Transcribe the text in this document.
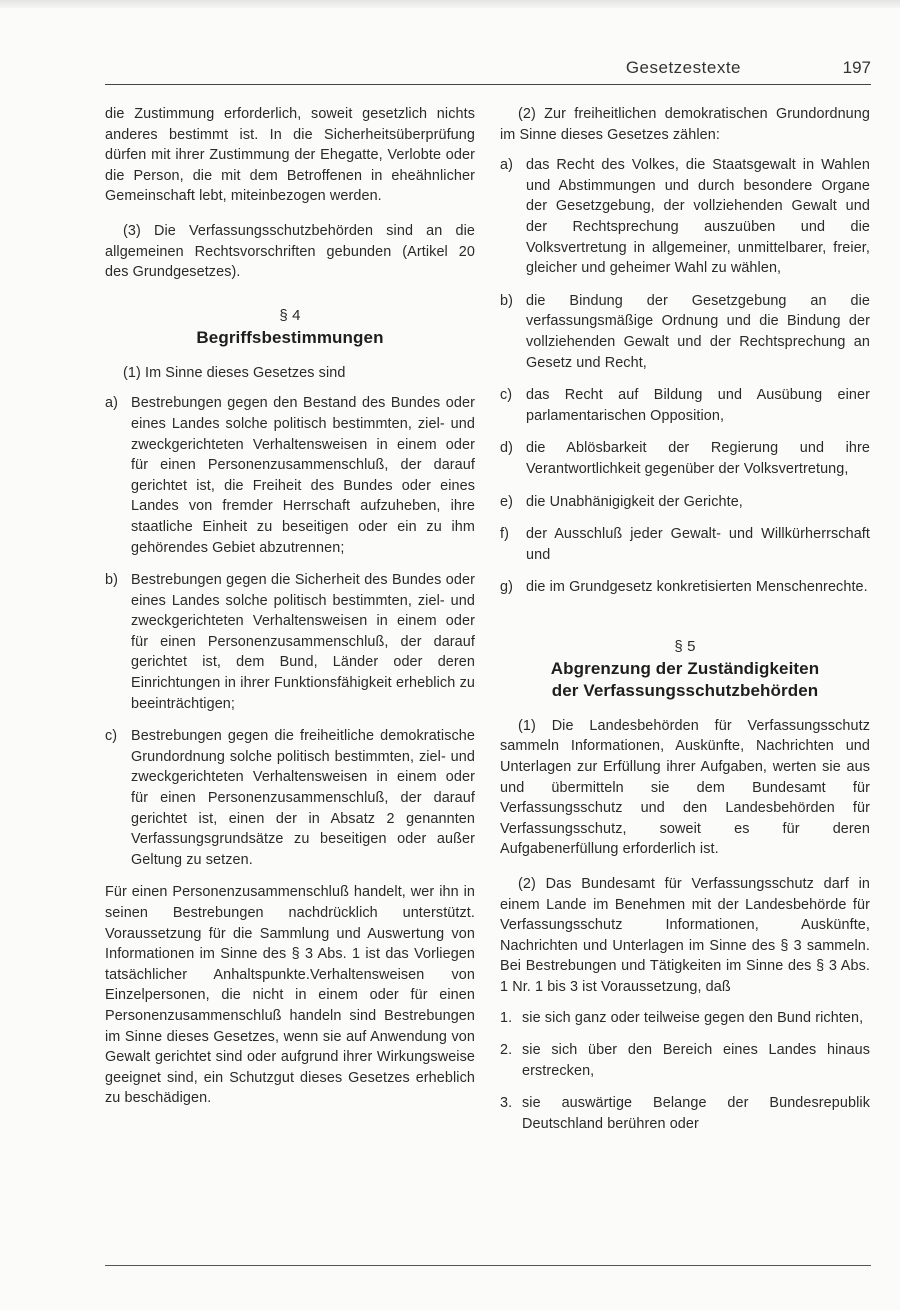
Gesetzestexte	197

die Zustimmung erforderlich, soweit gesetzlich nichts anderes bestimmt ist. In die Sicherheitsüberprüfung dürfen mit ihrer Zustimmung der Ehegatte, Verlobte oder die Person, die mit dem Betroffenen in eheähnlicher Gemeinschaft lebt, miteinbezogen werden.

(3) Die Verfassungsschutzbehörden sind an die allgemeinen Rechtsvorschriften gebunden (Artikel 20 des Grundgesetzes).

§ 4
Begriffsbestimmungen

(1) Im Sinne dieses Gesetzes sind

a) Bestrebungen gegen den Bestand des Bundes oder eines Landes solche politisch bestimmten, ziel- und zweckgerichteten Verhaltensweisen in einem oder für einen Personenzusammenschluß, der darauf gerichtet ist, die Freiheit des Bundes oder eines Landes von fremder Herrschaft aufzuheben, ihre staatliche Einheit zu beseitigen oder ein zu ihm gehörendes Gebiet abzutrennen;
b) Bestrebungen gegen die Sicherheit des Bundes oder eines Landes solche politisch bestimmten, ziel- und zweckgerichteten Verhaltensweisen in einem oder für einen Personenzusammenschluß, der darauf gerichtet ist, dem Bund, Länder oder deren Einrichtungen in ihrer Funktionsfähigkeit erheblich zu beeinträchtigen;
c) Bestrebungen gegen die freiheitliche demokratische Grundordnung solche politisch bestimmten, ziel- und zweckgerichteten Verhaltensweisen in einem oder für einen Personenzusammenschluß, der darauf gerichtet ist, einen der in Absatz 2 genannten Verfassungsgrundsätze zu beseitigen oder außer Geltung zu setzen.

Für einen Personenzusammenschluß handelt, wer ihn in seinen Bestrebungen nachdrücklich unterstützt. Voraussetzung für die Sammlung und Auswertung von Informationen im Sinne des § 3 Abs. 1 ist das Vorliegen tatsächlicher Anhaltspunkte.Verhaltensweisen von Einzelpersonen, die nicht in einem oder für einen Personenzusammenschluß handeln sind Bestrebungen im Sinne dieses Gesetzes, wenn sie auf Anwendung von Gewalt gerichtet sind oder aufgrund ihrer Wirkungsweise geeignet sind, ein Schutzgut dieses Gesetzes erheblich zu beschädigen.

(2) Zur freiheitlichen demokratischen Grundordnung im Sinne dieses Gesetzes zählen:

a) das Recht des Volkes, die Staatsgewalt in Wahlen und Abstimmungen und durch besondere Organe der Gesetzgebung, der vollziehenden Gewalt und der Rechtsprechung auszuüben und die Volksvertretung in allgemeiner, unmittelbarer, freier, gleicher und geheimer Wahl zu wählen,
b) die Bindung der Gesetzgebung an die verfassungsmäßige Ordnung und die Bindung der vollziehenden Gewalt und der Rechtsprechung an Gesetz und Recht,
c) das Recht auf Bildung und Ausübung einer parlamentarischen Opposition,
d) die Ablösbarkeit der Regierung und ihre Verantwortlichkeit gegenüber der Volksvertretung,
e) die Unabhänigigkeit der Gerichte,
f)	der Ausschluß jeder Gewalt- und Willkürherrschaft und
g) die im Grundgesetz konkretisierten Menschenrechte.
§ 5
Abgrenzung der Zuständigkeiten
der Verfassungsschutzbehörden

(1) Die Landesbehörden für Verfassungsschutz sammeln Informationen, Auskünfte, Nachrichten und Unterlagen zur Erfüllung ihrer Aufgaben, werten sie aus und übermitteln sie dem Bundesamt für Verfassungsschutz und den Landesbehörden für Verfassungsschutz, soweit es für deren Aufgabenerfüllung erforderlich ist.

(2) Das Bundesamt für Verfassungsschutz darf in einem Lande im Benehmen mit der Landesbehörde für Verfassungsschutz Informationen, Auskünfte, Nachrichten und Unterlagen im Sinne des § 3 sammeln. Bei Bestrebungen und Tätigkeiten im Sinne des § 3 Abs. 1 Nr. 1 bis 3 ist Voraussetzung, daß

1. sie sich ganz oder teilweise gegen den Bund richten,
2. sie sich über den Bereich eines Landes hinaus erstrecken,
3. sie auswärtige Belange der Bundesrepublik Deutschland berühren oder
